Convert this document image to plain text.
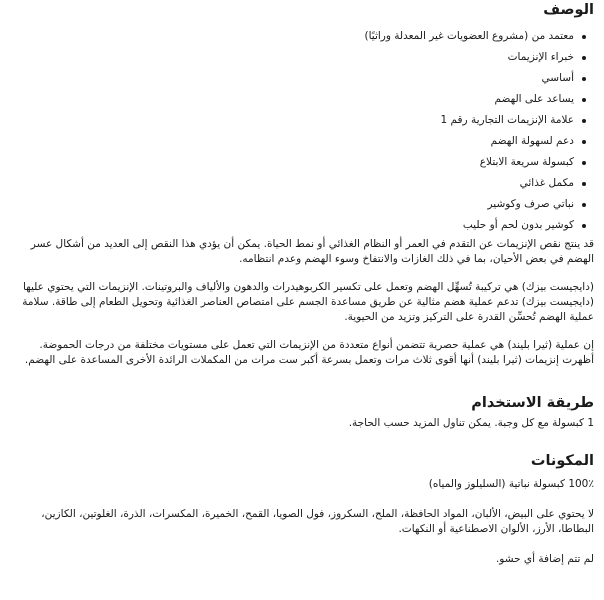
الوصف
معتمد من (مشروع العضويات غير المعدلة وراثيًا)
خبراء الإنزيمات
أساسي
يساعد على الهضم
علامة الإنزيمات التجارية رقم 1
دعم لسهولة الهضم
كبسولة سريعة الابتلاع
مكمل غذائي
نباتي صرف وكوشير
كوشير بدون لحم أو حليب

قد ينتج نقص الإنزيمات عن التقدم في العمر أو النظام الغذائي أو نمط الحياة. يمكن أن يؤدي هذا النقص إلى العديد من أشكال عسر الهضم في بعض الأحيان، بما في ذلك الغازات والانتفاخ وسوء الهضم وعدم انتظامه.

(دايجيست بيزك) هي تركيبة تُسهِّل الهضم وتعمل على تكسير الكربوهيدرات والدهون والألياف والبروتينات. الإنزيمات التي يحتوي عليها (دايجيست بيزك) تدعم عملية هضم مثالية عن طريق مساعدة الجسم على امتصاص العناصر الغذائية وتحويل الطعام إلى طاقة. سلامة عملية الهضم تُحسِّن القدرة على التركيز وتزيد من الحيوية.

إن عملية (ثيرا بليند) هي عملية حصرية تتضمن أنواع متعددة من الإنزيمات التي تعمل على مستويات مختلفة من درجات الحموضة. أظهرت إنزيمات (ثيرا بليند) أنها أقوى ثلاث مرات وتعمل بسرعة أكبر ست مرات من المكملات الرائدة الأخرى المساعدة على الهضم.

طريقة الاستخدام

1 كبسولة مع كل وجبة. يمكن تناول المزيد حسب الحاجة.

المكونات

100٪ كبسولة نباتية (السليلوز والمياه)

لا يحتوي على البيض، الألبان، المواد الحافظة، الملح، السكروز، فول الصويا، القمح، الخميرة، المكسرات، الذرة، الغلوتين، الكازين، البطاطا، الأرز، الألوان الاصطناعية أو النكهات.

لم تتم إضافة أي حشو.
